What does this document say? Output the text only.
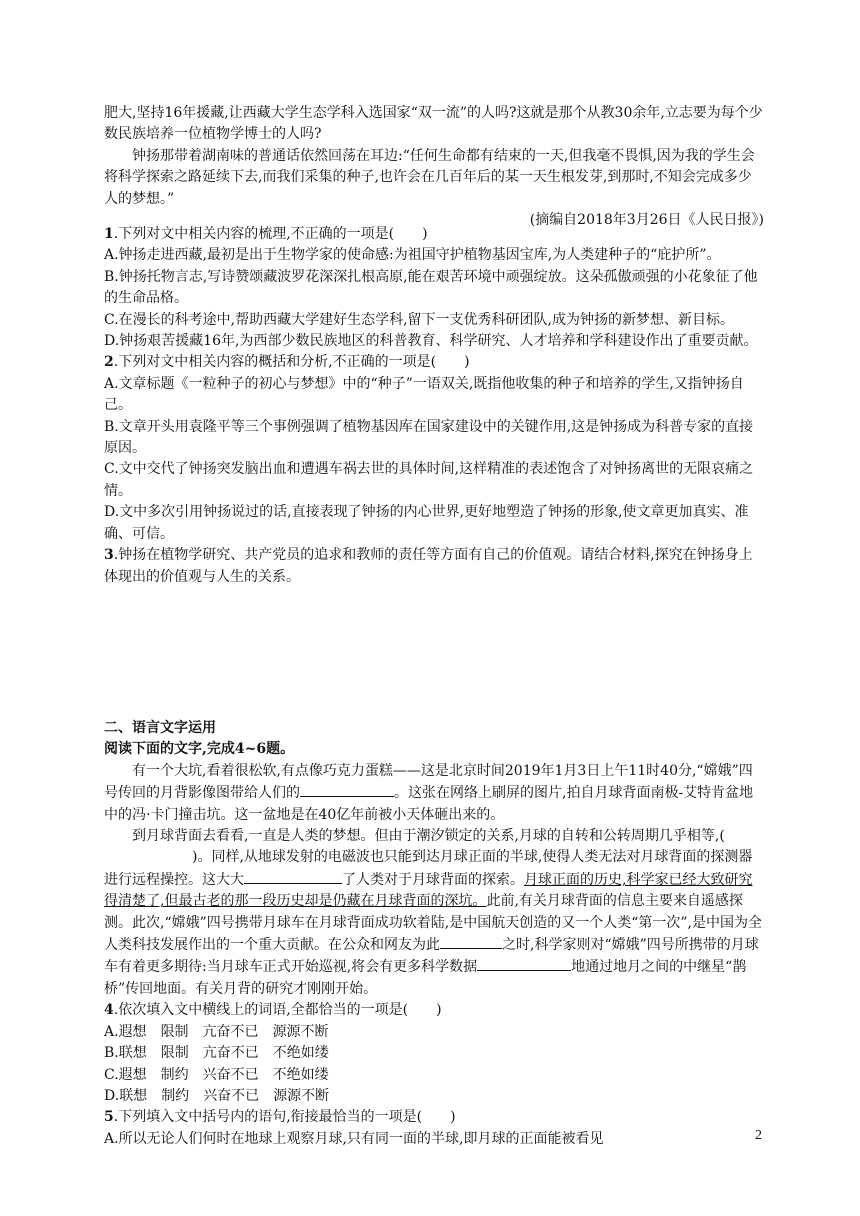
肥大,坚持16年援藏,让西藏大学生态学科入选国家“双一流”的人吗?这就是那个从教30余年,立志要为每个少数民族培养一位植物学博士的人吗?

钟扬那带着湖南味的普通话依然回荡在耳边:“任何生命都有结束的一天,但我毫不畏惧,因为我的学生会将科学探索之路延续下去,而我们采集的种子,也许会在几百年后的某一天生根发芽,到那时,不知会完成多少人的梦想。”

(摘编自2018年3月26日《人民日报》)

1.下列对文中相关内容的梳理,不正确的一项是(　　)

A.钟扬走进西藏,最初是出于生物学家的使命感:为祖国守护植物基因宝库,为人类建种子的“庇护所”。

B.钟扬托物言志,写诗赞颂藏波罗花深深扎根高原,能在艰苦环境中顽强绽放。这朵孤傲顽强的小花象征了他的生命品格。

C.在漫长的科考途中,帮助西藏大学建好生态学科,留下一支优秀科研团队,成为钟扬的新梦想、新目标。

D.钟扬艰苦援藏16年,为西部少数民族地区的科普教育、科学研究、人才培养和学科建设作出了重要贡献。

2.下列对文中相关内容的概括和分析,不正确的一项是(　　)

A.文章标题《一粒种子的初心与梦想》中的“种子”一语双关,既指他收集的种子和培养的学生,又指钟扬自己。

B.文章开头用袁隆平等三个事例强调了植物基因库在国家建设中的关键作用,这是钟扬成为科普专家的直接原因。

C.文中交代了钟扬突发脑出血和遭遇车祸去世的具体时间,这样精准的表述饱含了对钟扬离世的无限哀痛之情。

D.文中多次引用钟扬说过的话,直接表现了钟扬的内心世界,更好地塑造了钟扬的形象,使文章更加真实、准确、可信。

3.钟扬在植物学研究、共产党员的追求和教师的责任等方面有自己的价值观。请结合材料,探究在钟扬身上体现出的价值观与人生的关系。

二、语言文字运用

阅读下面的文字,完成4~6题。

有一个大坑,看着很松软,有点像巧克力蛋糕——这是北京时间2019年1月3日上午11时40分,“嫦娥”四号传回的月背影像图带给人们的	。这张在网络上刷屏的图片,拍自月球背面南极-艾特肯盆地中的冯·卡门撞击坑。这一盆地是在40亿年前被小天体砸出来的。

到月球背面去看看,一直是人类的梦想。但由于潮汐锁定的关系,月球的自转和公转周期几乎相等,()。同样,从地球发射的电磁波也只能到达月球正面的半球,使得人类无法对月球背面的探测器进行远程操控。这大大	了人类对于月球背面的探索。月球正面的历史,科学家已经大致研究得清楚了,但最古老的那一段历史却是仍藏在月球背面的深坑。此前,有关月球背面的信息主要来自遥感探测。此次,“嫦娥”四号携带月球车在月球背面成功软着陆,是中国航天创造的又一个人类“第一次”,是中国为全人类科技发展作出的一个重大贡献。在公众和网友为此	之时,科学家则对“嫦娥”四号所携带的月球车有着更多期待:当月球车正式开始巡视,将会有更多科学数据	地通过地月之间的中继星“鹊桥”传回地面。有关月背的研究才刚刚开始。

4.依次填入文中横线上的词语,全都恰当的一项是(　　)

A.遐想 限制 亢奋不已 源源不断

B.联想 限制 亢奋不已 不绝如缕

C.遐想 制约 兴奋不已 不绝如缕

D.联想 制约 兴奋不已 源源不断

5.下列填入文中括号内的语句,衔接最恰当的一项是(　　)

A.所以无论人们何时在地球上观察月球,只有同一面的半球,即月球的正面能被看见	2
